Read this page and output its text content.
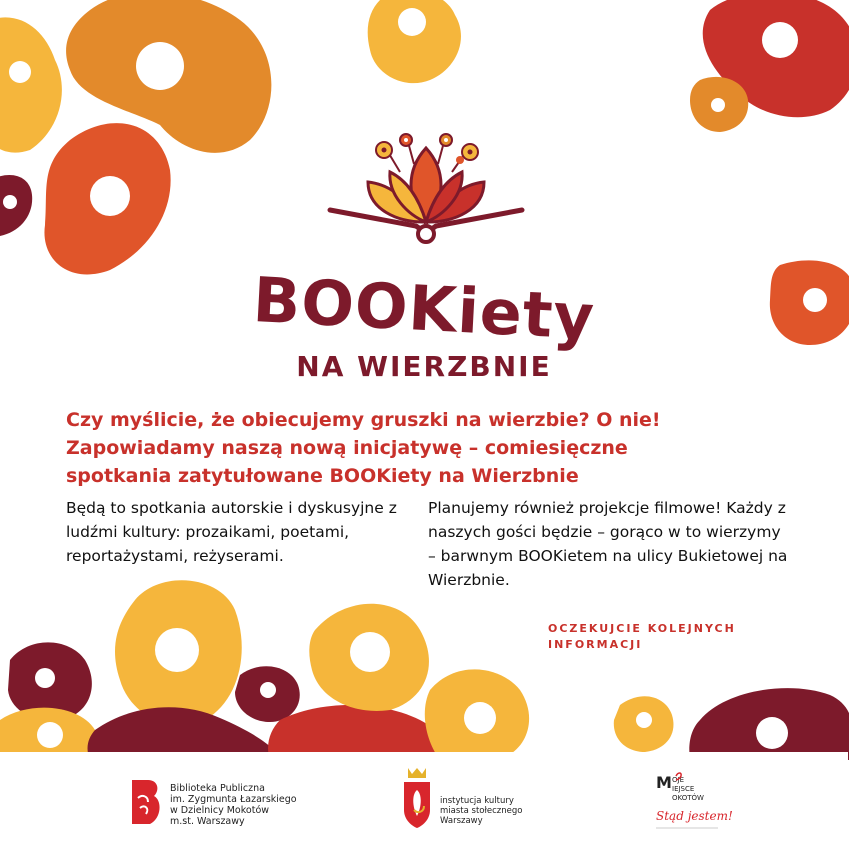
BOOKiety
NA WIERZBNIE

Czy myślicie, że obiecujemy gruszki na wierzbie? O nie! Zapowiadamy naszą nową inicjatywę – comiesięczne spotkania zatytułowane BOOKiety na Wierzbnie

Będą to spotkania autorskie i dyskusyjne z ludźmi kultury: prozaikami, poetami, reportażystami, reżyserami.

Planujemy również projekcje filmowe! Każdy z naszych gości będzie – gorąco w to wierzymy – barwnym BOOKietem na ulicy Bukietowej na Wierzbnie.

OCZEKUJCIE KOLEJNYCH INFORMACJI

Biblioteka Publiczna
im. Zygmunta Łazarskiego
w Dzielnicy Mokotów
m.st. Warszawy

instytucja kultury
miasta stołecznego
Warszawy

M OJE
IEJSCE
OKOTÓW
Stąd jestem!
